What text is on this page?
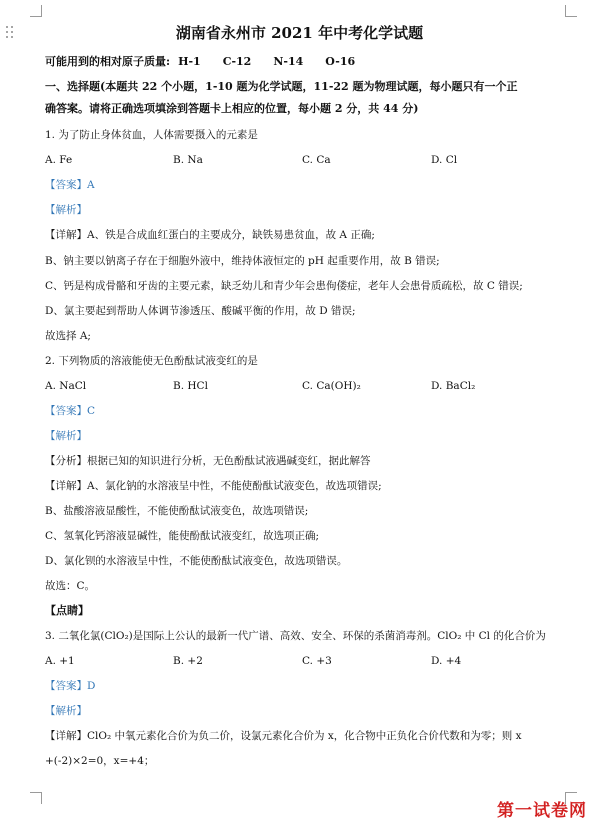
湖南省永州市 2021 年中考化学试题
可能用到的相对原子质量: H-1 C-12 N-14 O-16
一、选择题(本题共 22 个小题，1-10 题为化学试题，11-22 题为物理试题，每小题只有一个正
确答案。请将正确选项填涂到答题卡上相应的位置，每小题 2 分，共 44 分)
1. 为了防止身体贫血，人体需要摄入的元素是
A. Fe	B. Na	C. Ca	D. Cl
【答案】A
【解析】
【详解】A、铁是合成血红蛋白的主要成分，缺铁易患贫血，故 A 正确;
B、钠主要以钠离子存在于细胞外液中，维持体液恒定的 pH 起重要作用，故 B 错误;
C、钙是构成骨骼和牙齿的主要元素，缺乏幼儿和青少年会患佝偻症，老年人会患骨质疏松，故 C 错误;
D、氯主要起到帮助人体调节渗透压、酸碱平衡的作用，故 D 错误;
故选择 A;
2. 下列物质的溶液能使无色酚酞试液变红的是
A. NaCl	B. HCl	C. Ca(OH)₂	D. BaCl₂
【答案】C
【解析】
【分析】根据已知的知识进行分析，无色酚酞试液遇碱变红，据此解答
【详解】A、氯化钠的水溶液呈中性，不能使酚酞试液变色，故选项错误;
B、盐酸溶液显酸性，不能使酚酞试液变色，故选项错误;
C、氢氧化钙溶液显碱性，能使酚酞试液变红，故选项正确;
D、氯化钡的水溶液呈中性，不能使酚酞试液变色，故选项错误。
故选：C。
【点睛】
3. 二氧化氯(ClO₂)是国际上公认的最新一代广谱、高效、安全、环保的杀菌消毒剂。ClO₂ 中 Cl 的化合价为
A. +1	B. +2	C. +3	D. +4
【答案】D
【解析】
【详解】ClO₂ 中氧元素化合价为负二价，设氯元素化合价为 x，化合物中正负化合价代数和为零；则 x
+(-2)×2=0，x=+4；
第一试卷网
